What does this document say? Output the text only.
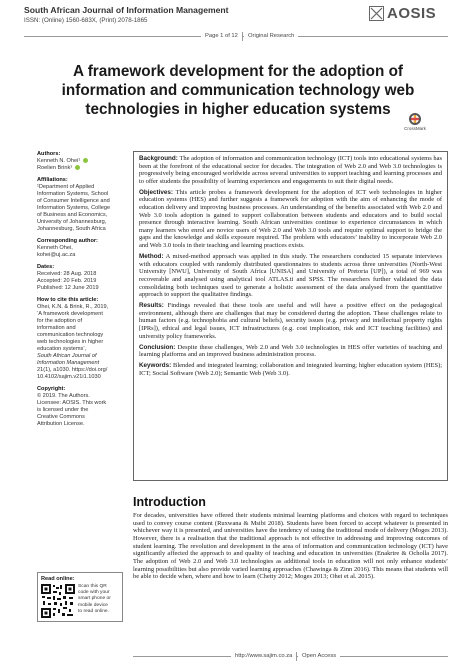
South African Journal of Information Management
ISSN: (Online) 1560-683X, (Print) 2078-1865	AOSIS
Page 1 of 12	Original Research
A framework development for the adoption of information and communication technology web technologies in higher education systems
CrossMark
Authors:
Kenneth N. Ohei¹
Roelien Brink¹
Affiliations:
¹Department of Applied
Information Systems, School
of Consumer Intelligence and
Information Systems, College
of Business and Economics,
University of Johannesburg,
Johannesburg, South Africa
Corresponding author:
Kenneth Ohei,
kohei@uj.ac.za
Dates:
Received: 28 Aug. 2018
Accepted: 20 Feb. 2019
Published: 12 June 2019
How to cite this article:
Ohei, K.N. & Brink, R., 2019,
‘A framework development
for the adoption of
information and
communication technology
web technologies in higher
education systems’,
South African Journal of
Information Management
21(1), a1030. https://doi.org/
10.4102/sajim.v21i1.1030
Copyright:
© 2019. The Authors.
Licensee: AOSIS. This work
is licensed under the
Creative Commons
Attribution License.
Read online:
Scan this QR
code with your
smart phone or
mobile device
to read online.

Background: The adoption of information and communication technology (ICT) tools into educational systems has been at the forefront of the educational sector for decades. The integration of Web 2.0 and Web 3.0 technologies is progressively being encouraged worldwide across several universities to support teaching and learning processes and to offer students the possibility of learning experiences and engagements to suit their digital needs.

Objectives: This article probes a framework development for the adoption of ICT web technologies in higher education systems (HES) and further suggests a framework for adoption with the aim of enhancing the mode of education delivery and improving business processes. An understanding of the benefits associated with Web 2.0 and Web 3.0 tools adoption is gained to support collaboration between students and educators and to build social presence through interactive learning. South African universities continue to experience circumstances in which many learners who enrol are novice users of Web 2.0 and Web 3.0 tools and require optimal support to bridge the gaps and the knowledge and skills exposure required. The problem with educators’ inability to incorporate Web 2.0 and Web 3.0 tools in their teaching and learning practices exists.

Method: A mixed-method approach was applied in this study. The researchers conducted 15 separate interviews with educators coupled with randomly distributed questionnaires to students across three universities (North-West University [NWU], University of South Africa [UNISA] and University of Pretoria [UP]), a total of 969 was recoverable and analysed using analytical tool ATLAS.ti and SPSS. The researchers further validated the data consolidating both techniques used to generate a holistic assessment of the data analysed from the quantitative approach to support the qualitative findings.

Results: Findings revealed that these tools are useful and will have a positive effect on the pedagogical environment, although there are challenges that may be considered during the adoption. These challenges relate to human factors (e.g. technophobia and cultural beliefs), security issues (e.g. privacy and intellectual property rights [IPRs]), ethical and legal issues, ICT infrastructures (e.g. cost implication, risk and ICT teaching facilities) and university policy frameworks.

Conclusion: Despite these challenges, Web 2.0 and Web 3.0 technologies in HES offer varieties of teaching and learning platforms and an improved business administration process.

Keywords: Blended and integrated learning; collaboration and integrated learning; higher education system (HES); ICT; Social Software (Web 2.0); Semantic Web (Web 3.0).

Introduction

For decades, universities have offered their students minimal learning platforms and choices with regard to techniques used to convey course content (Ruxwana & Msibi 2018). Students have been forced to accept whatever is presented in whichever way it is presented, and universities have the tendency of using the traditional mode of delivery (Moges 2013). However, there is a realisation that the traditional approach is not effective in addressing and improving outcomes of student learning. The revolution and development in the area of information and communication technology (ICT) have significantly affected the approach to and quality of teaching and education in universities (Enakrire & Ocholla 2017). The adoption of Web 2.0 and Web 3.0 technologies as additional tools in education will not only enhance students’ learning possibilities but also provide varied learning approaches (Chawinga & Zinn 2016). This means that students will be able to decide when, where and how to learn (Chetty 2012; Moges 2013; Ohei et al. 2015).

http://www.sajim.co.za	Open Access
